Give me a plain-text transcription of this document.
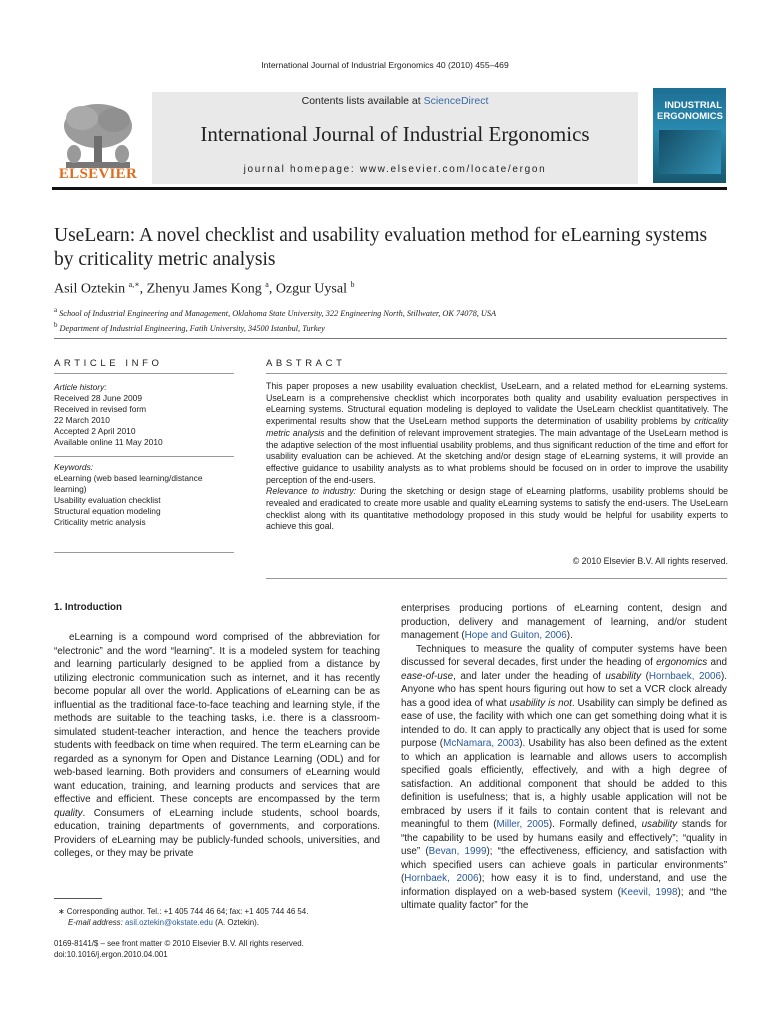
International Journal of Industrial Ergonomics 40 (2010) 455–469
ELSEVIER
Contents lists available at ScienceDirect
International Journal of Industrial Ergonomics
journal homepage: www.elsevier.com/locate/ergon
INDUSTRIAL
ERGONOMICS
UseLearn: A novel checklist and usability evaluation method for eLearning systems by criticality metric analysis
Asil Oztekin $^{a,∗}$, Zhenyu James Kong $^a$, Ozgur Uysal $^b$
$^a$ School of Industrial Engineering and Management, Oklahoma State University, 322 Engineering North, Stillwater, OK 74078, USA
$^b$ Department of Industrial Engineering, Fatih University, 34500 Istanbul, Turkey
ARTICLE INFO	ABSTRACT
Article history:
Received 28 June 2009
Received in revised form
22 March 2010
Accepted 2 April 2010
Available online 11 May 2010
Keywords:
eLearning (web based learning/distance
learning)
Usability evaluation checklist
Structural equation modeling
Criticality metric analysis
This paper proposes a new usability evaluation checklist, UseLearn, and a related method for eLearning systems. UseLearn is a comprehensive checklist which incorporates both quality and usability evaluation perspectives in eLearning systems. Structural equation modeling is deployed to validate the UseLearn checklist quantitatively. The experimental results show that the UseLearn method supports the determination of usability problems by criticality metric analysis and the definition of relevant improvement strategies. The main advantage of the UseLearn method is the adaptive selection of the most influential usability problems, and thus significant reduction of the time and effort for usability evaluation can be achieved. At the sketching and/or design stage of eLearning systems, it will provide an effective guidance to usability analysts as to what problems should be focused on in order to improve the usability perception of the end-users.
Relevance to industry: During the sketching or design stage of eLearning platforms, usability problems should be revealed and eradicated to create more usable and quality eLearning systems to satisfy the end-users. The UseLearn checklist along with its quantitative methodology proposed in this study would be helpful for usability experts to achieve this goal.
© 2010 Elsevier B.V. All rights reserved.
1. Introduction

eLearning is a compound word comprised of the abbreviation for “electronic” and the word “learning”. It is a modeled system for teaching and learning particularly designed to be applied from a distance by utilizing electronic communication such as internet, and it has recently become popular all over the world. Applications of eLearning can be as influential as the traditional face-to-face teaching and learning style, if the methods are suitable to the teaching tasks, i.e. there is a classroom-simulated student-teacher interaction, and hence the teachers provide students with feedback on time when required. The term eLearning can be regarded as a synonym for Open and Distance Learning (ODL) and for web-based learning. Both providers and consumers of eLearning would want education, training, and learning products and services that are effective and efficient. These concepts are encompassed by the term quality. Consumers of eLearning include students, school boards, education, training departments of governments, and corporations. Providers of eLearning may be publicly-funded schools, universities, and colleges, or they may be private

enterprises producing portions of eLearning content, design and production, delivery and management of learning, and/or student management (Hope and Guiton, 2006).

Techniques to measure the quality of computer systems have been discussed for several decades, first under the heading of ergonomics and ease-of-use, and later under the heading of usability (Hornbaek, 2006). Anyone who has spent hours figuring out how to set a VCR clock already has a good idea of what usability is not. Usability can simply be defined as ease of use, the facility with which one can get something doing what it is intended to do. It can apply to practically any object that is used for some purpose (McNamara, 2003). Usability has also been defined as the extent to which an application is learnable and allows users to accomplish specified goals efficiently, effectively, and with a high degree of satisfaction. An additional component that should be added to this definition is usefulness; that is, a highly usable application will not be embraced by users if it fails to contain content that is relevant and meaningful to them (Miller, 2005). Formally defined, usability stands for “the capability to be used by humans easily and effectively”; “quality in use” (Bevan, 1999); “the effectiveness, efficiency, and satisfaction with which specified users can achieve goals in particular environments” (Hornbaek, 2006); how easy it is to find, understand, and use the information displayed on a web-based system (Keevil, 1998); and “the ultimate quality factor” for the

∗ Corresponding author. Tel.: +1 405 744 46 64; fax: +1 405 744 46 54.
E-mail address: asil.oztekin@okstate.edu (A. Oztekin).
0169-8141/$ – see front matter © 2010 Elsevier B.V. All rights reserved.
doi:10.1016/j.ergon.2010.04.001
